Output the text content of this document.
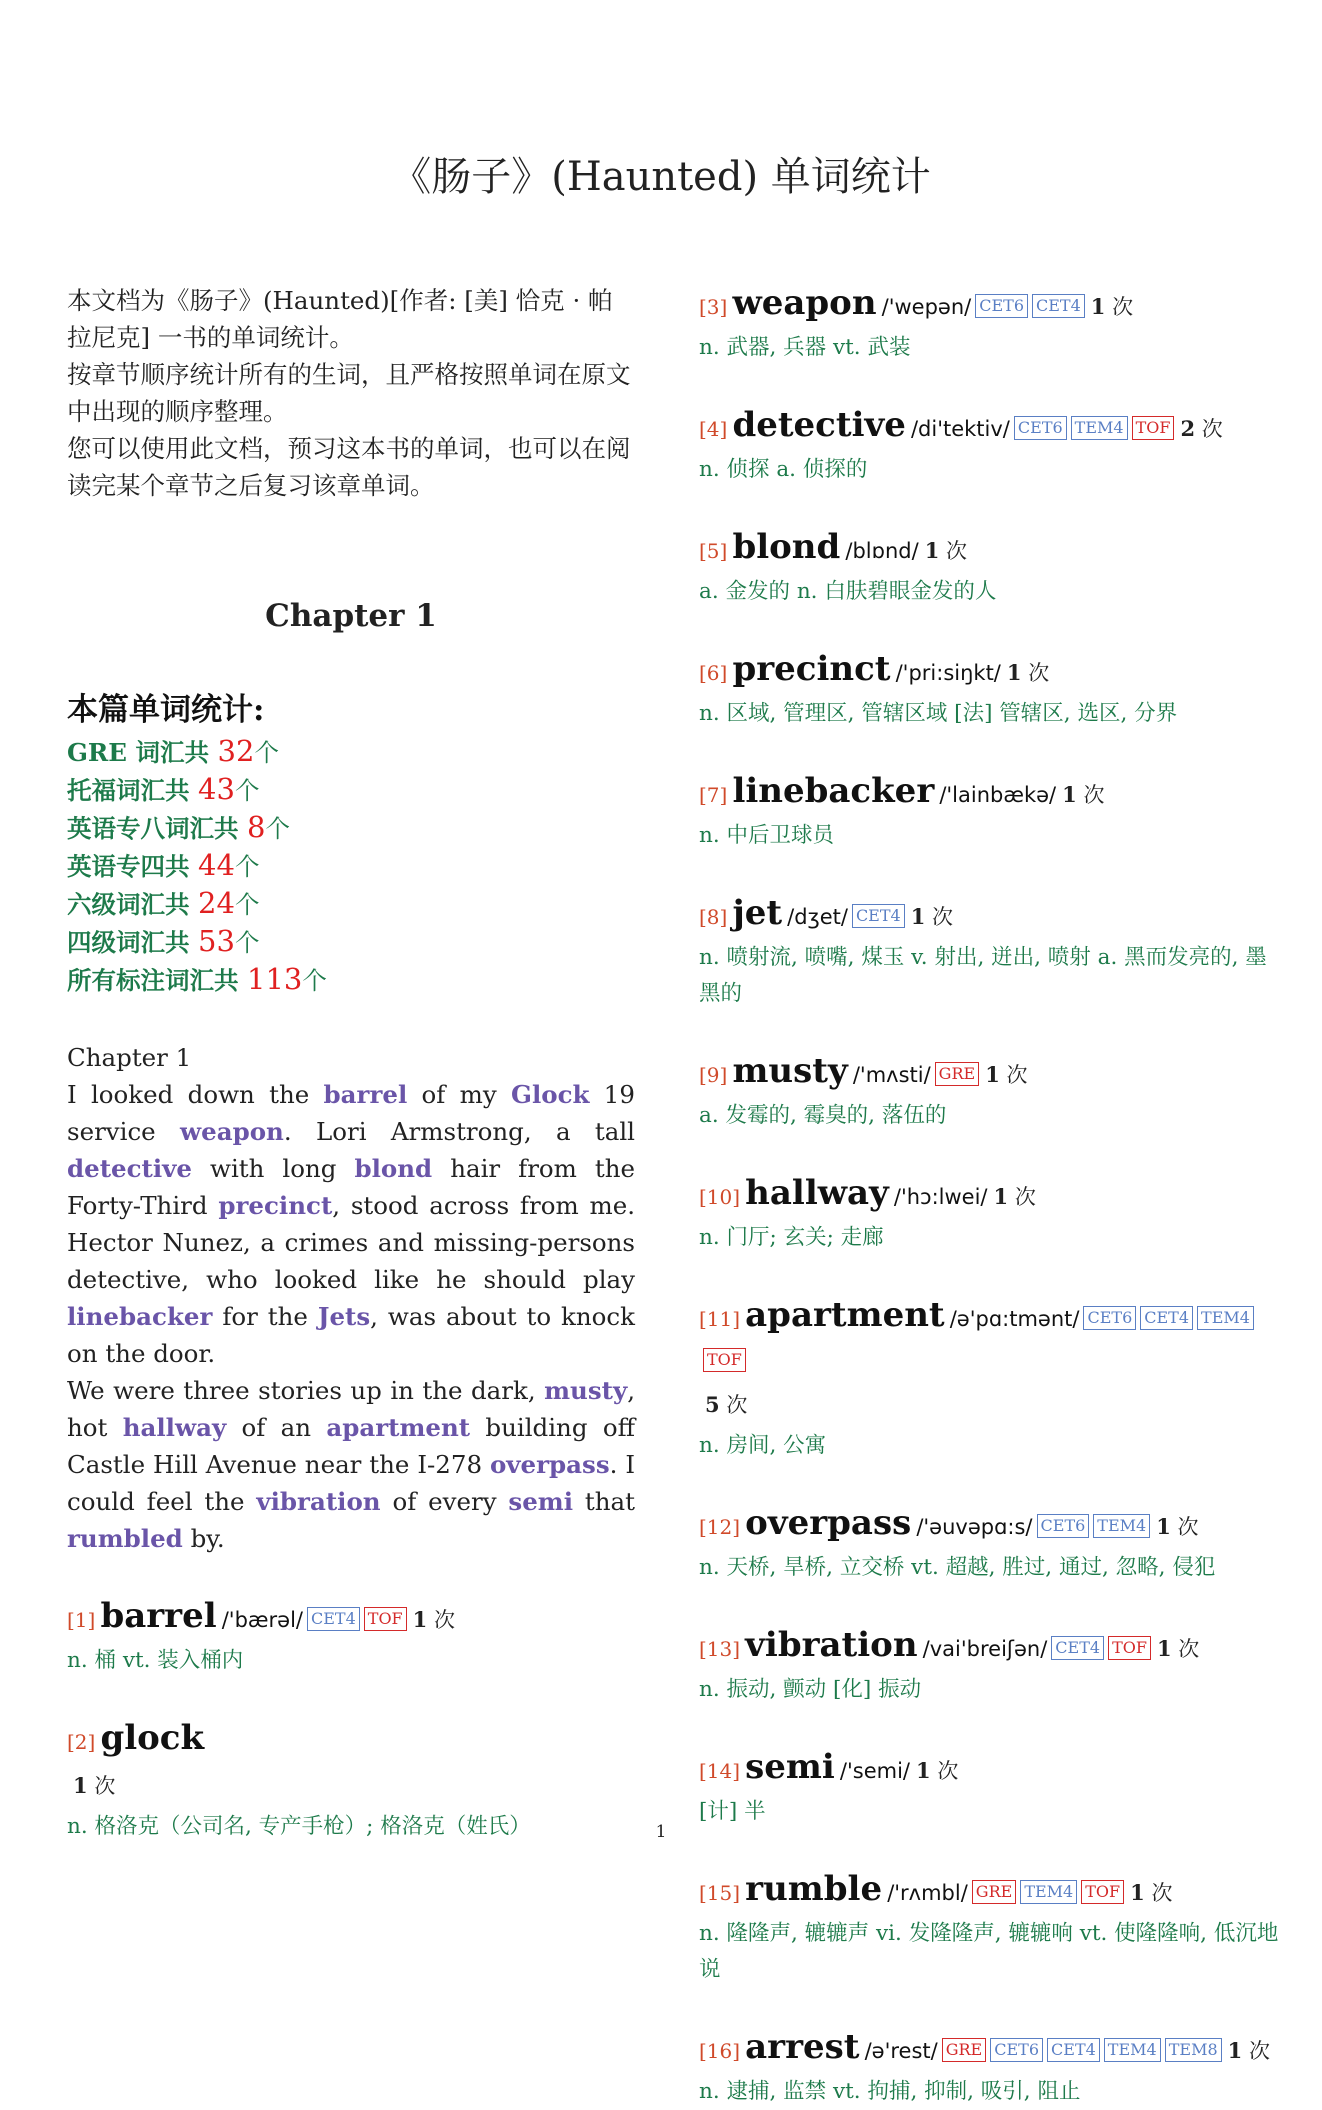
《肠子》(Haunted) 单词统计

本文档为《肠子》(Haunted)[作者: [美] 恰克 · 帕拉尼克] 一书的单词统计。

按章节顺序统计所有的生词，且严格按照单词在原文中出现的顺序整理。

您可以使用此文档，预习这本书的单词，也可以在阅读完某个章节之后复习该章单词。

Chapter 1
本篇单词统计:
GRE 词汇共 32个
托福词汇共 43个
英语专八词汇共 8个
英语专四共 44个
六级词汇共 24个
四级词汇共 53个
所有标注词汇共 113个

Chapter 1

I looked down the barrel of my Glock 19 service weapon. Lori Armstrong, a tall detective with long blond hair from the Forty-Third precinct, stood across from me. Hector Nunez, a crimes and missing-persons detective, who looked like he should play linebacker for the Jets, was about to knock on the door.

We were three stories up in the dark, musty, hot hallway of an apartment building off Castle Hill Avenue near the I-278 overpass. I could feel the vibration of every semi that rumbled by.

[1] barrel /'bærəl/ CET4 TOF 1 次
n. 桶 vt. 装入桶内
[2] glock
1 次
n. 格洛克（公司名, 专产手枪）; 格洛克（姓氏）
[3] weapon /'wepən/ CET6 CET4 1 次
n. 武器, 兵器 vt. 武装
[4] detective /di'tektiv/ CET6 TEM4 TOF 2 次
n. 侦探 a. 侦探的
[5] blond /blɒnd/ 1 次
a. 金发的 n. 白肤碧眼金发的人
[6] precinct /'pri:siŋkt/ 1 次
n. 区域, 管理区, 管辖区域 [法] 管辖区, 选区, 分界
[7] linebacker /'lainbækə/ 1 次
n. 中后卫球员
[8] jet /dʒet/ CET4 1 次
n. 喷射流, 喷嘴, 煤玉 v. 射出, 迸出, 喷射 a. 黑而发亮的, 墨黑的
[9] musty /'mʌsti/ GRE 1 次
a. 发霉的, 霉臭的, 落伍的
[10] hallway /'hɔ:lwei/ 1 次
n. 门厅; 玄关; 走廊
[11] apartment /ə'pɑ:tmənt/ CET6 CET4 TEM4TOF
5 次
n. 房间, 公寓
[12] overpass /'əuvəpɑ:s/ CET6 TEM4 1 次
n. 天桥, 旱桥, 立交桥 vt. 超越, 胜过, 通过, 忽略, 侵犯
[13] vibration /vai'breiʃən/ CET4 TOF 1 次
n. 振动, 颤动 [化] 振动
[14] semi /'semi/ 1 次
[计] 半
[15] rumble /'rʌmbl/ GRE TEM4 TOF 1 次
n. 隆隆声, 辘辘声 vi. 发隆隆声, 辘辘响 vt. 使隆隆响, 低沉地说
[16] arrest /ə'rest/ GRE CET6 CET4 TEM4 TEM8 1 次
n. 逮捕, 监禁 vt. 拘捕, 抑制, 吸引, 阻止
1
